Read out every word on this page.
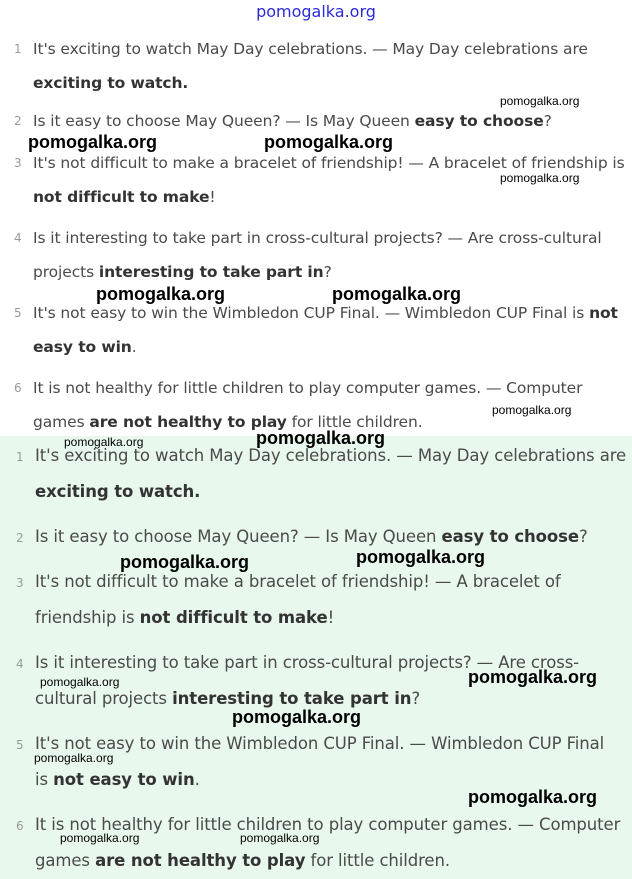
pomogalka.org
1 It's exciting to watch May Day celebrations. — May Day celebrations are exciting to watch.
2 Is it easy to choose May Queen? — Is May Queen easy to choose?
3 It's not difficult to make a bracelet of friendship! — A bracelet of friendship is not difficult to make!
4 Is it interesting to take part in cross-cultural projects? — Are cross-cultural projects interesting to take part in?
5 It's not easy to win the Wimbledon CUP Final. — Wimbledon CUP Final is not easy to win.
6 It is not healthy for little children to play computer games. — Computer games are not healthy to play for little children.
1 It's exciting to watch May Day celebrations. — May Day celebrations are exciting to watch.
2 Is it easy to choose May Queen? — Is May Queen easy to choose?
3 It's not difficult to make a bracelet of friendship! — A bracelet of friendship is not difficult to make!
4 Is it interesting to take part in cross-cultural projects? — Are cross-cultural projects interesting to take part in?
5 It's not easy to win the Wimbledon CUP Final. — Wimbledon CUP Final is not easy to win.
6 It is not healthy for little children to play computer games. — Computer games are not healthy to play for little children.
pomogalka.org
pomogalka.org	pomogalka.org
pomogalka.org
pomogalka.org	pomogalka.org
pomogalka.org
pomogalka.org
pomogalka.org
pomogalka.org	pomogalka.org
pomogalka.org	pomogalka.org
pomogalka.org
pomogalka.org
pomogalka.org
pomogalka.org	pomogalka.org
